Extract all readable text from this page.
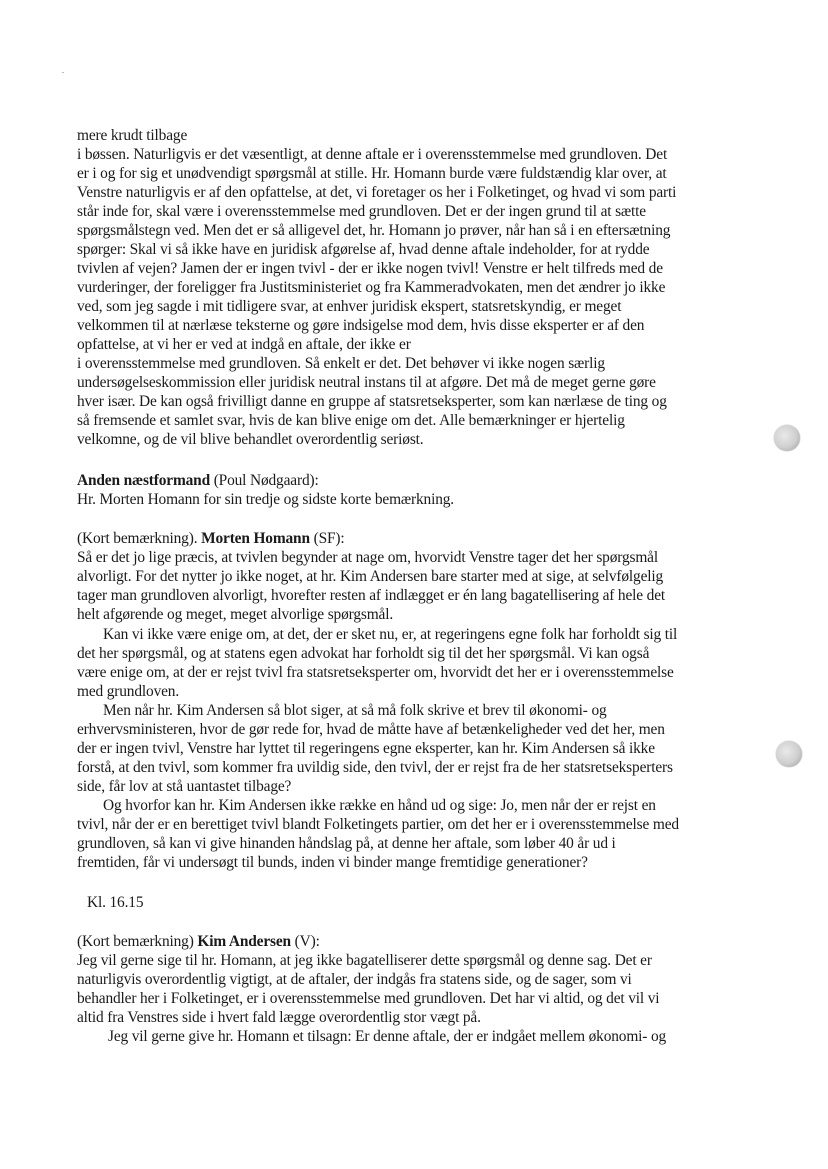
mere krudt tilbage
i bøssen. Naturligvis er det væsentligt, at denne aftale er i overensstemmelse med grundloven. Det
er i og for sig et unødvendigt spørgsmål at stille. Hr. Homann burde være fuldstændig klar over, at
Venstre naturligvis er af den opfattelse, at det, vi foretager os her i Folketinget, og hvad vi som parti
står inde for, skal være i overensstemmelse med grundloven. Det er der ingen grund til at sætte
spørgsmålstegn ved. Men det er så alligevel det, hr. Homann jo prøver, når han så i en eftersætning
spørger: Skal vi så ikke have en juridisk afgørelse af, hvad denne aftale indeholder, for at rydde
tvivlen af vejen? Jamen der er ingen tvivl - der er ikke nogen tvivl! Venstre er helt tilfreds med de
vurderinger, der foreligger fra Justitsministeriet og fra Kammeradvokaten, men det ændrer jo ikke
ved, som jeg sagde i mit tidligere svar, at enhver juridisk ekspert, statsretskyndig, er meget
velkommen til at nærlæse teksterne og gøre indsigelse mod dem, hvis disse eksperter er af den
opfattelse, at vi her er ved at indgå en aftale, der ikke er
i overensstemmelse med grundloven. Så enkelt er det. Det behøver vi ikke nogen særlig
undersøgelseskommission eller juridisk neutral instans til at afgøre. Det må de meget gerne gøre
hver især. De kan også frivilligt danne en gruppe af statsretseksperter, som kan nærlæse de ting og
så fremsende et samlet svar, hvis de kan blive enige om det. Alle bemærkninger er hjertelig
velkomne, og de vil blive behandlet overordentlig seriøst.
Anden næstformand (Poul Nødgaard):
Hr. Morten Homann for sin tredje og sidste korte bemærkning.
(Kort bemærkning). Morten Homann (SF):
Så er det jo lige præcis, at tvivlen begynder at nage om, hvorvidt Venstre tager det her spørgsmål
alvorligt. For det nytter jo ikke noget, at hr. Kim Andersen bare starter med at sige, at selvfølgelig
tager man grundloven alvorligt, hvorefter resten af indlægget er én lang bagatellisering af hele det
helt afgørende og meget, meget alvorlige spørgsmål.
Kan vi ikke være enige om, at det, der er sket nu, er, at regeringens egne folk har forholdt sig til
det her spørgsmål, og at statens egen advokat har forholdt sig til det her spørgsmål. Vi kan også
være enige om, at der er rejst tvivl fra statsretseksperter om, hvorvidt det her er i overensstemmelse
med grundloven.
Men når hr. Kim Andersen så blot siger, at så må folk skrive et brev til økonomi- og
erhvervsministeren, hvor de gør rede for, hvad de måtte have af betænkeligheder ved det her, men
der er ingen tvivl, Venstre har lyttet til regeringens egne eksperter, kan hr. Kim Andersen så ikke
forstå, at den tvivl, som kommer fra uvildig side, den tvivl, der er rejst fra de her statsretseksperters
side, får lov at stå uantastet tilbage?
Og hvorfor kan hr. Kim Andersen ikke række en hånd ud og sige: Jo, men når der er rejst en
tvivl, når der er en berettiget tvivl blandt Folketingets partier, om det her er i overensstemmelse med
grundloven, så kan vi give hinanden håndslag på, at denne her aftale, som løber 40 år ud i
fremtiden, får vi undersøgt til bunds, inden vi binder mange fremtidige generationer?
Kl. 16.15
(Kort bemærkning) Kim Andersen (V):
Jeg vil gerne sige til hr. Homann, at jeg ikke bagatelliserer dette spørgsmål og denne sag. Det er
naturligvis overordentlig vigtigt, at de aftaler, der indgås fra statens side, og de sager, som vi
behandler her i Folketinget, er i overensstemmelse med grundloven. Det har vi altid, og det vil vi
altid fra Venstres side i hvert fald lægge overordentlig stor vægt på.
Jeg vil gerne give hr. Homann et tilsagn: Er denne aftale, der er indgået mellem økonomi- og
